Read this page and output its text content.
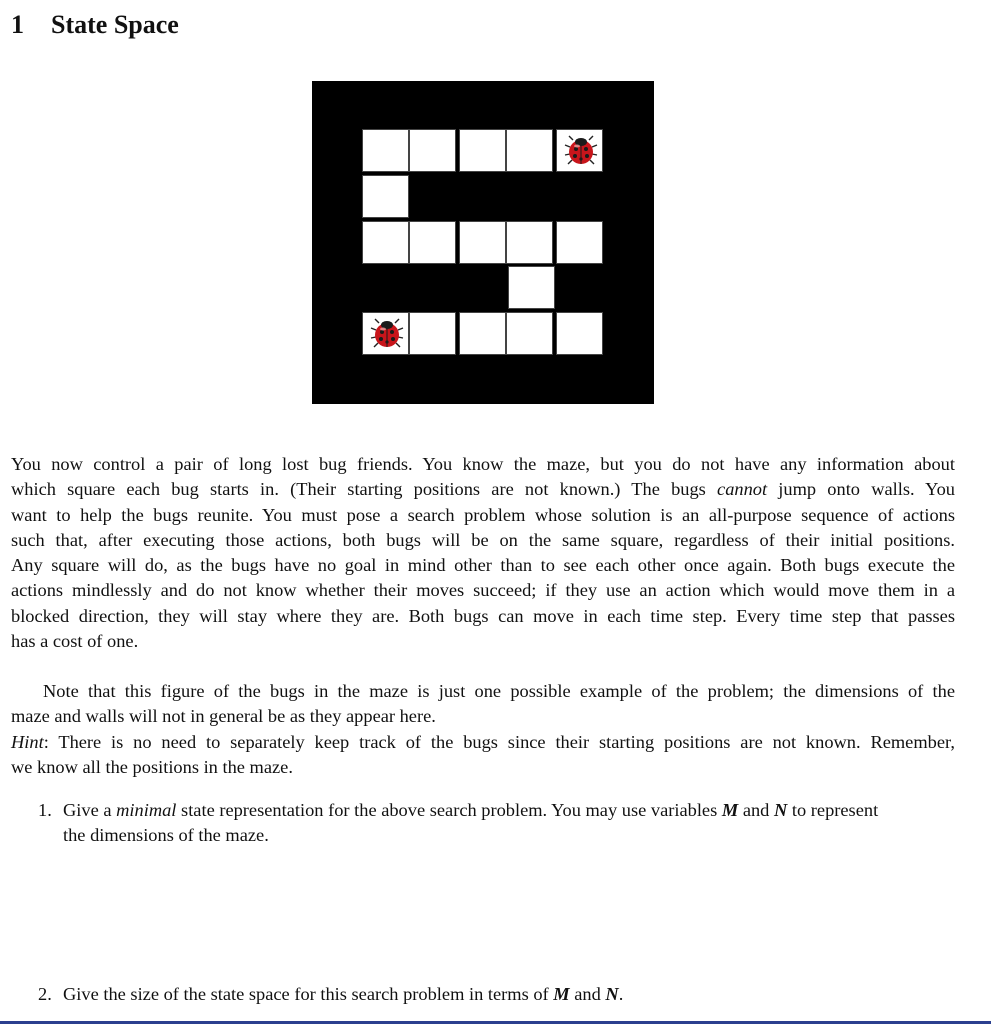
1 State Space
You now control a pair of long lost bug friends. You know the maze, but you do not have any information about
which square each bug starts in. (Their starting positions are not known.) The bugs cannot jump onto walls. You
want to help the bugs reunite. You must pose a search problem whose solution is an all-purpose sequence of actions
such that, after executing those actions, both bugs will be on the same square, regardless of their initial positions.
Any square will do, as the bugs have no goal in mind other than to see each other once again. Both bugs execute the
actions mindlessly and do not know whether their moves succeed; if they use an action which would move them in a
blocked direction, they will stay where they are. Both bugs can move in each time step. Every time step that passes
has a cost of one.
Note that this figure of the bugs in the maze is just one possible example of the problem; the dimensions of the
maze and walls will not in general be as they appear here.
Hint: There is no need to separately keep track of the bugs since their starting positions are not known. Remember,
we know all the positions in the maze.
1. Give a minimal state representation for the above search problem. You may use variables M and N to represent
the dimensions of the maze.
2. Give the size of the state space for this search problem in terms of M and N.
